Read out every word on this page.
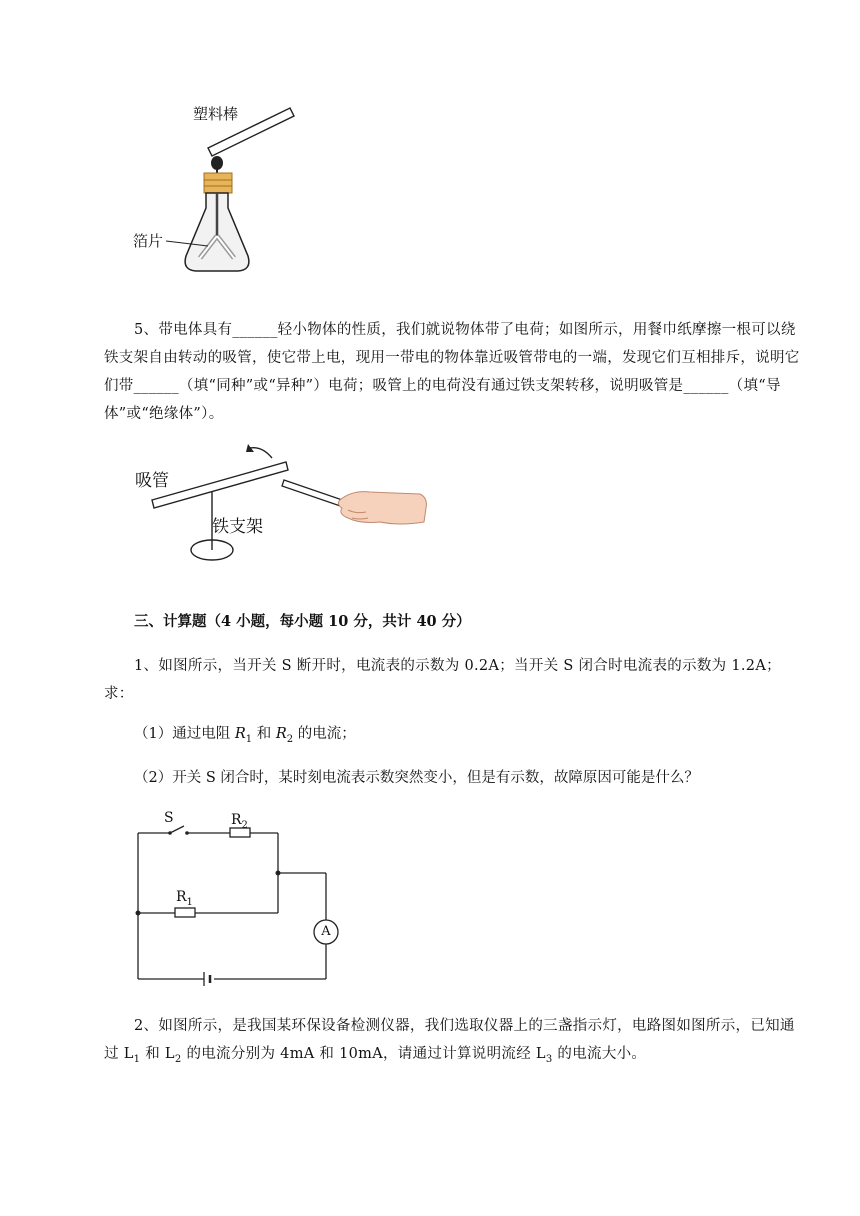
塑料棒
箔片
5、带电体具有______轻小物体的性质，我们就说物体带了电荷；如图所示，用餐巾纸摩擦一根可以绕铁支架自由转动的吸管，使它带上电，现用一带电的物体靠近吸管带电的一端，发现它们互相排斥，说明它们带______（填“同种”或“异种”）电荷；吸管上的电荷没有通过铁支架转移，说明吸管是______（填“导体”或“绝缘体”）。
吸管
铁支架
三、计算题（4 小题，每小题 10 分，共计 40 分）
1、如图所示，当开关 S 断开时，电流表的示数为 0.2A；当开关 S 闭合时电流表的示数为 1.2A；求：
（1）通过电阻 $R_1$ 和 $R_2$ 的电流；
（2）开关 S 闭合时，某时刻电流表示数突然变小，但是有示数，故障原因可能是什么？
S	$R_2$
$R_1$
A
2、如图所示，是我国某环保设备检测仪器，我们选取仪器上的三盏指示灯，电路图如图所示，已知通过 $L_1$ 和 $L_2$ 的电流分别为 4mA 和 10mA，请通过计算说明流经 $L_3$ 的电流大小。
